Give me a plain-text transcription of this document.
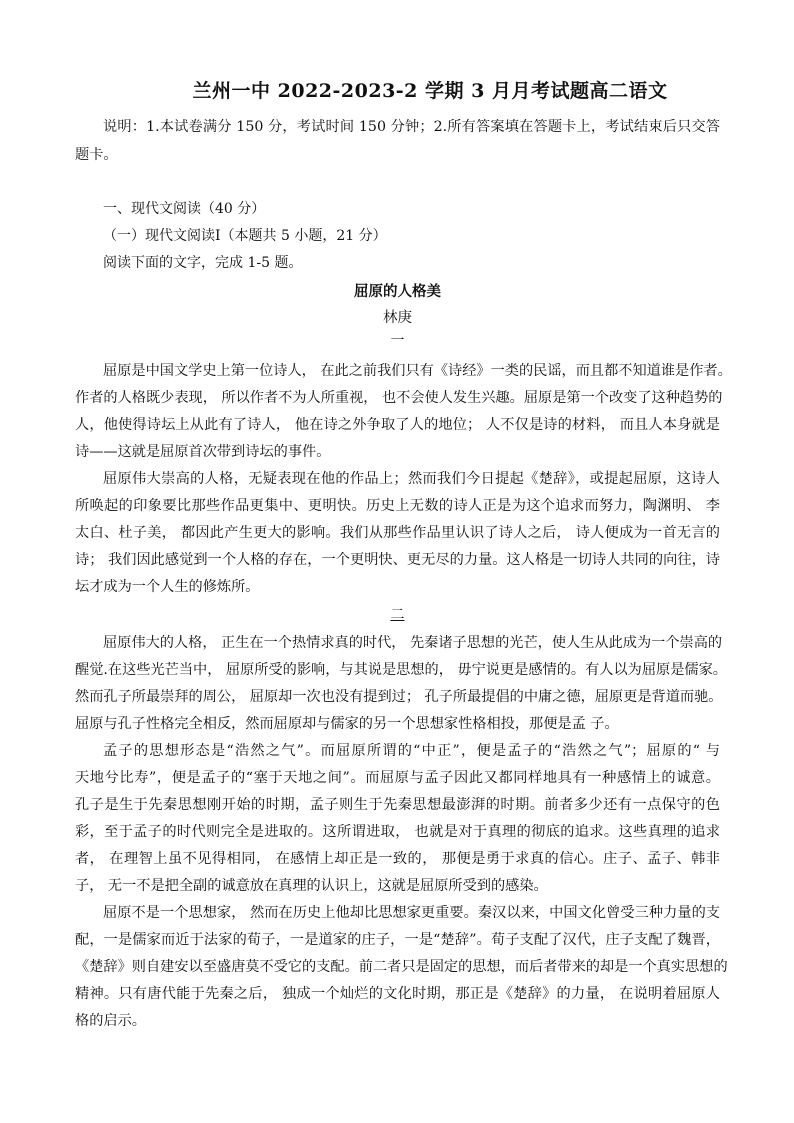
兰州一中 2022-2023-2 学期 3 月月考试题高二语文
说明：1.本试卷满分 150 分，考试时间 150 分钟；2.所有答案填在答题卡上，考试结束后只交答
题卡。
一、现代文阅读（40 分）
（一）现代文阅读Ⅰ（本题共 5 小题，21 分）
阅读下面的文字，完成 1-5 题。
屈原的人格美
林庚
一
屈原是中国文学史上第一位诗人， 在此之前我们只有《诗经》一类的民谣，而且都不知道谁是作者。
作者的人格既少表现， 所以作者不为人所重视， 也不会使人发生兴趣。屈原是第一个改变了这种趋势的
人，他使得诗坛上从此有了诗人， 他在诗之外争取了人的地位； 人不仅是诗的材料， 而且人本身就是
诗——这就是屈原首次带到诗坛的事件。
屈原伟大崇高的人格，无疑表现在他的作品上；然而我们今日提起《楚辞》，或提起屈原，这诗人
所唤起的印象要比那些作品更集中、更明快。历史上无数的诗人正是为这个追求而努力，陶渊明、 李
太白、杜子美， 都因此产生更大的影响。我们从那些作品里认识了诗人之后， 诗人便成为一首无言的
诗； 我们因此感觉到一个人格的存在，一个更明快、更无尽的力量。这人格是一切诗人共同的向往，诗
坛才成为一个人生的修炼所。
二
屈原伟大的人格， 正生在一个热情求真的时代， 先秦诸子思想的光芒，使人生从此成为一个崇高的
醒觉.在这些光芒当中， 屈原所受的影响，与其说是思想的， 毋宁说更是感情的。有人以为屈原是儒家。
然而孔子所最崇拜的周公， 屈原却一次也没有提到过； 孔子所最提倡的中庸之德，屈原更是背道而驰。
屈原与孔子性格完全相反，然而屈原却与儒家的另一个思想家性格相投，那便是孟 子。
孟子的思想形态是“浩然之气”。而屈原所谓的“中正”，便是孟子的“浩然之气”；屈原的“ 与
天地兮比寿”，便是孟子的“塞于天地之间”。而屈原与孟子因此又都同样地具有一种感情上的诚意。
孔子是生于先秦思想刚开始的时期，孟子则生于先秦思想最澎湃的时期。前者多少还有一点保守的色
彩，至于孟子的时代则完全是进取的。这所谓进取， 也就是对于真理的彻底的追求。这些真理的追求
者， 在理智上虽不见得相同， 在感情上却正是一致的， 那便是勇于求真的信心。庄子、孟子、韩非
子， 无一不是把全副的诚意放在真理的认识上，这就是屈原所受到的感染。
屈原不是一个思想家， 然而在历史上他却比思想家更重要。秦汉以来，中国文化曾受三种力量的支
配，一是儒家而近于法家的荀子，一是道家的庄子，一是“楚辞”。荀子支配了汉代，庄子支配了魏晋，
《楚辞》则自建安以至盛唐莫不受它的支配。前二者只是固定的思想，而后者带来的却是一个真实思想的
精神。只有唐代能于先秦之后， 独成一个灿烂的文化时期，那正是《楚辞》的力量， 在说明着屈原人
格的启示。
